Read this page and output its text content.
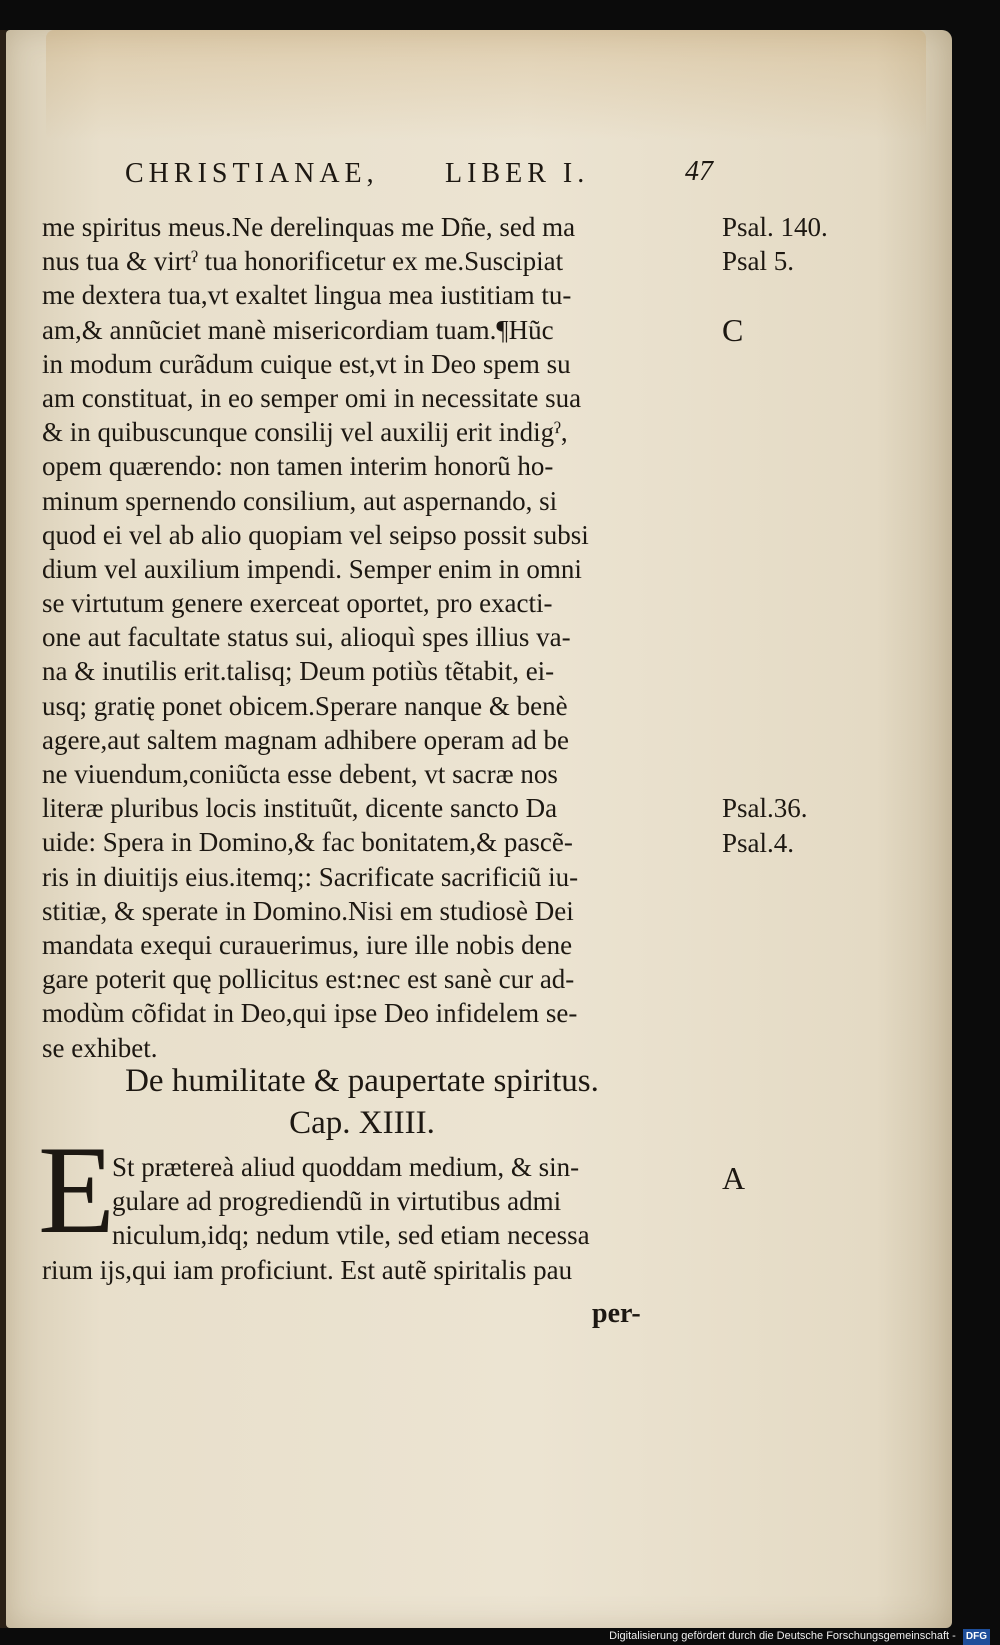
CHRISTIANAE, LIBER I.	47
Psal. 140.
Psal 5.
C
Psal.36.
Psal.4.
A
me spiritus meus.Ne derelinquas me Dñe, sed ma
nus tua & virtˀ tua honorificetur ex me.Suscipiat
me dextera tua,vt exaltet lingua mea iustitiam tu-
am,& annũciet manè misericordiam tuam.¶Hũc
in modum curãdum cuique est,vt in Deo spem su
am constituat, in eo semper omi in necessitate sua
& in quibuscunque consilij vel auxilij erit indigˀ,
opem quærendo: non tamen interim honorũ ho-
minum spernendo consilium, aut aspernando, si
quod ei vel ab alio quopiam vel seipso possit subsi
dium vel auxilium impendi. Semper enim in omni
se virtutum genere exerceat oportet, pro exacti-
one aut facultate status sui, alioquì spes illius va-
na & inutilis erit.talisq; Deum potiùs tẽtabit, ei-
usq; gratię ponet obicem.Sperare nanque & benè
agere,aut saltem magnam adhibere operam ad be
ne viuendum,coniũcta esse debent, vt sacræ nos
literæ pluribus locis instituũt, dicente sancto Da
uide: Spera in Domino,& fac bonitatem,& pascẽ-
ris in diuitijs eius.itemq;: Sacrificate sacrificiũ iu-
stitiæ, & sperate in Domino.Nisi em studiosè Dei
mandata exequi curauerimus, iure ille nobis dene
gare poterit quę pollicitus est:nec est sanè cur ad-
modùm cõfidat in Deo,qui ipse Deo infidelem se-
se exhibet.
De humilitate & paupertate spiritus.
Cap. XIIII.
E
St prætereà aliud quoddam medium, & sin-
gulare ad progrediendũ in virtutibus admi
niculum,idq; nedum vtile, sed etiam necessa
rium ijs,qui iam proficiunt. Est autẽ spiritalis pau
per-
Digitalisierung gefördert durch die Deutsche Forschungsgemeinschaft - DFG
